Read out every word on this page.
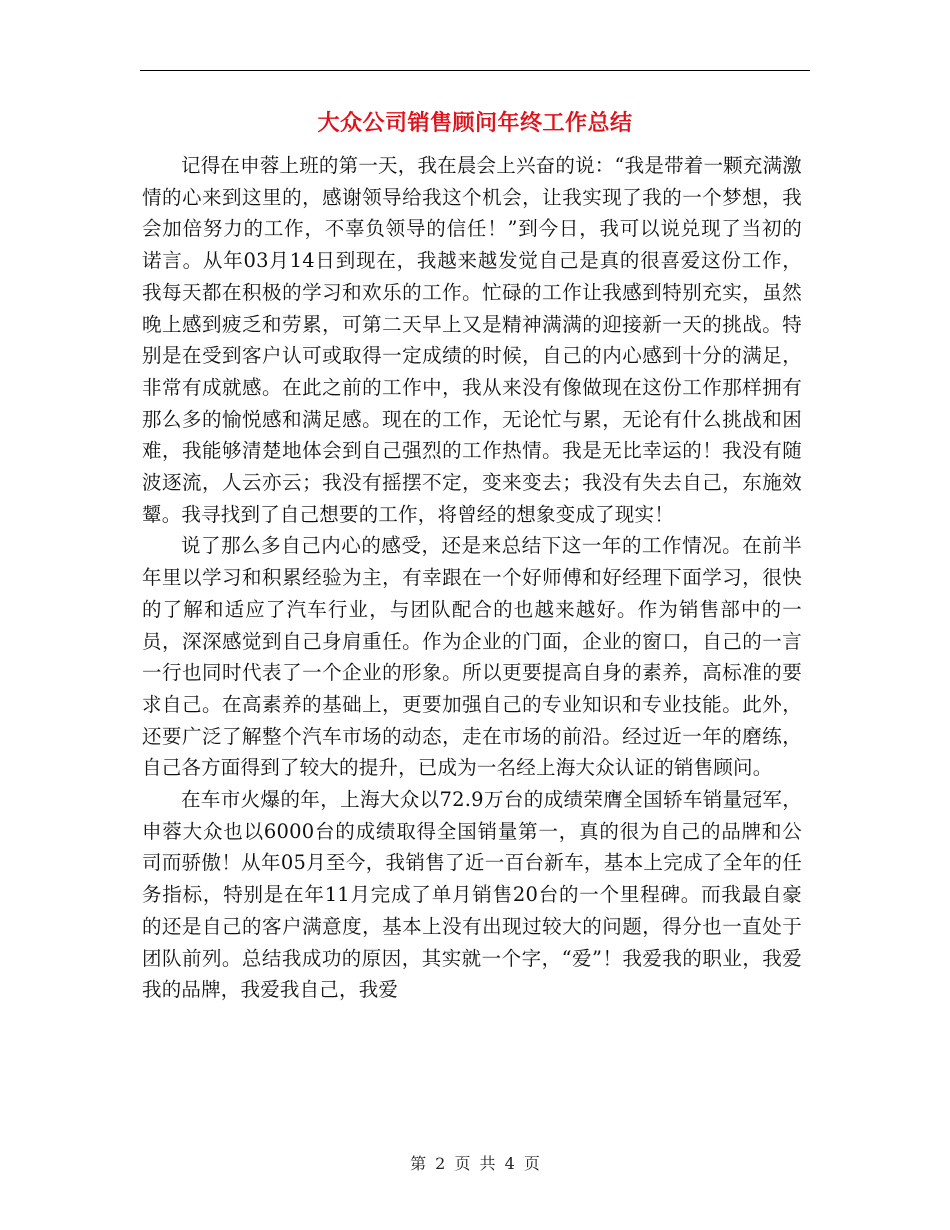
大众公司销售顾问年终工作总结

记得在申蓉上班的第一天，我在晨会上兴奋的说：“我是带着一颗充满激情的心来到这里的，感谢领导给我这个机会，让我实现了我的一个梦想，我会加倍努力的工作，不辜负领导的信任！”到今日，我可以说兑现了当初的诺言。从年03月14日到现在，我越来越发觉自己是真的很喜爱这份工作，我每天都在积极的学习和欢乐的工作。忙碌的工作让我感到特别充实，虽然晚上感到疲乏和劳累，可第二天早上又是精神满满的迎接新一天的挑战。特别是在受到客户认可或取得一定成绩的时候，自己的内心感到十分的满足，非常有成就感。在此之前的工作中，我从来没有像做现在这份工作那样拥有那么多的愉悦感和满足感。现在的工作，无论忙与累，无论有什么挑战和困难，我能够清楚地体会到自己强烈的工作热情。我是无比幸运的！我没有随波逐流，人云亦云；我没有摇摆不定，变来变去；我没有失去自己，东施效颦。我寻找到了自己想要的工作，将曾经的想象变成了现实！

说了那么多自己内心的感受，还是来总结下这一年的工作情况。在前半年里以学习和积累经验为主，有幸跟在一个好师傅和好经理下面学习，很快的了解和适应了汽车行业，与团队配合的也越来越好。作为销售部中的一员，深深感觉到自己身肩重任。作为企业的门面，企业的窗口，自己的一言一行也同时代表了一个企业的形象。所以更要提高自身的素养，高标准的要求自己。在高素养的基础上，更要加强自己的专业知识和专业技能。此外，还要广泛了解整个汽车市场的动态，走在市场的前沿。经过近一年的磨练，自己各方面得到了较大的提升，已成为一名经上海大众认证的销售顾问。

在车市火爆的年，上海大众以72.9万台的成绩荣膺全国轿车销量冠军，申蓉大众也以6000台的成绩取得全国销量第一，真的很为自己的品牌和公司而骄傲！从年05月至今，我销售了近一百台新车，基本上完成了全年的任务指标，特别是在年11月完成了单月销售20台的一个里程碑。而我最自豪的还是自己的客户满意度，基本上没有出现过较大的问题，得分也一直处于团队前列。总结我成功的原因，其实就一个字，“爱”！我爱我的职业，我爱我的品牌，我爱我自己，我爱

第 2 页 共 4 页
